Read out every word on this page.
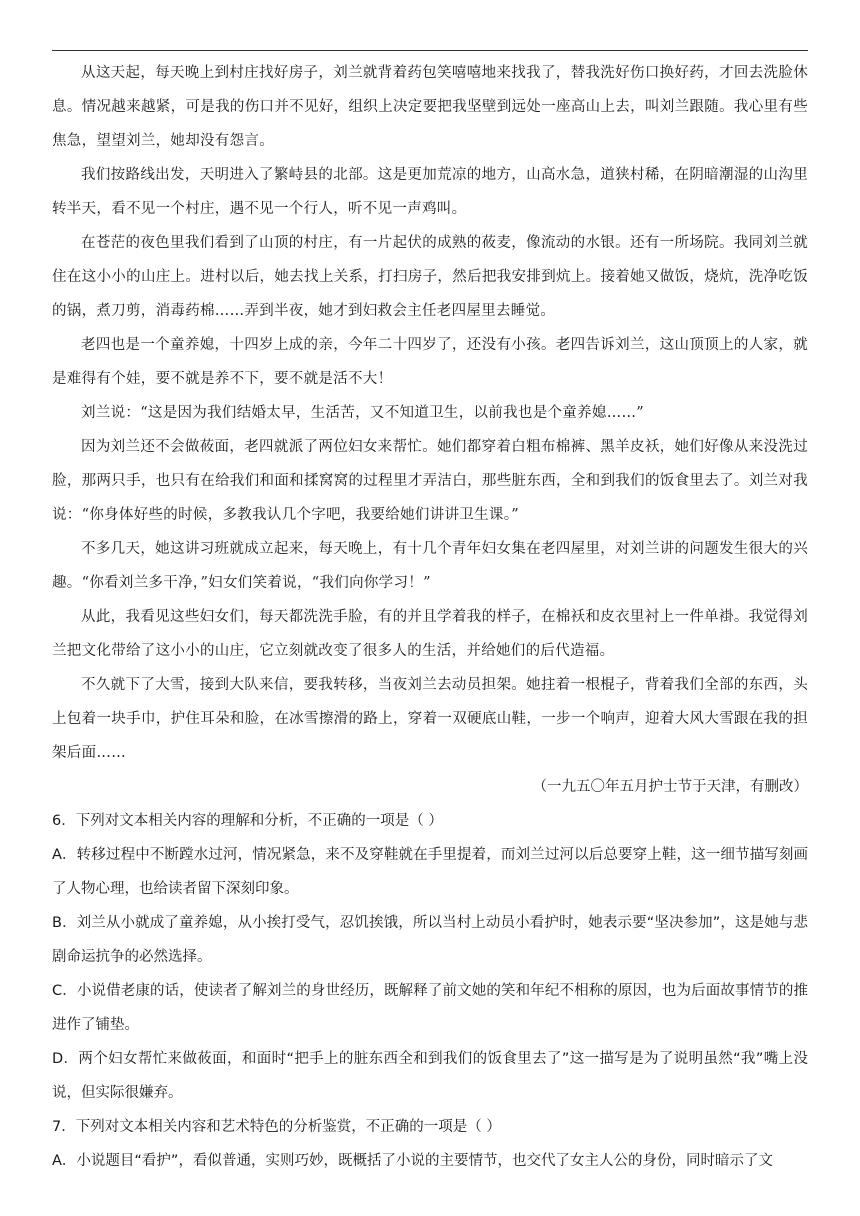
从这天起，每天晚上到村庄找好房子，刘兰就背着药包笑嘻嘻地来找我了，替我洗好伤口换好药，才回去洗脸休息。情况越来越紧，可是我的伤口并不见好，组织上决定要把我坚壁到远处一座高山上去，叫刘兰跟随。我心里有些焦急，望望刘兰，她却没有怨言。

我们按路线出发，天明进入了繁峙县的北部。这是更加荒凉的地方，山高水急，道狭村稀，在阴暗潮湿的山沟里转半天，看不见一个村庄，遇不见一个行人，听不见一声鸡叫。

在苍茫的夜色里我们看到了山顶的村庄，有一片起伏的成熟的莜麦，像流动的水银。还有一所场院。我同刘兰就住在这小小的山庄上。进村以后，她去找上关系，打扫房子，然后把我安排到炕上。接着她又做饭，烧炕，洗净吃饭的锅，煮刀剪，消毒药棉……弄到半夜，她才到妇救会主任老四屋里去睡觉。

老四也是一个童养媳，十四岁上成的亲，今年二十四岁了，还没有小孩。老四告诉刘兰，这山顶顶上的人家，就是难得有个娃，要不就是养不下，要不就是活不大！

刘兰说：“这是因为我们结婚太早，生活苦，又不知道卫生，以前我也是个童养媳……”

因为刘兰还不会做莜面，老四就派了两位妇女来帮忙。她们都穿着白粗布棉裤、黑羊皮袄，她们好像从来没洗过脸，那两只手，也只有在给我们和面和揉窝窝的过程里才弄洁白，那些脏东西，全和到我们的饭食里去了。刘兰对我说：“你身体好些的时候，多教我认几个字吧，我要给她们讲讲卫生课。”

不多几天，她这讲习班就成立起来，每天晚上，有十几个青年妇女集在老四屋里，对刘兰讲的问题发生很大的兴趣。“你看刘兰多干净，”妇女们笑着说，“我们向你学习！”

从此，我看见这些妇女们，每天都洗洗手脸，有的并且学着我的样子，在棉袄和皮衣里衬上一件单褂。我觉得刘兰把文化带给了这小小的山庄，它立刻就改变了很多人的生活，并给她们的后代造福。

不久就下了大雪，接到大队来信，要我转移，当夜刘兰去动员担架。她拄着一根棍子，背着我们全部的东西，头上包着一块手巾，护住耳朵和脸，在冰雪擦滑的路上，穿着一双硬底山鞋，一步一个响声，迎着大风大雪跟在我的担架后面……

（一九五〇年五月护士节于天津，有删改）

6．下列对文本相关内容的理解和分析，不正确的一项是（ ）

A．转移过程中不断蹚水过河，情况紧急，来不及穿鞋就在手里提着，而刘兰过河以后总要穿上鞋，这一细节描写刻画了人物心理，也给读者留下深刻印象。

B．刘兰从小就成了童养媳，从小挨打受气，忍饥挨饿，所以当村上动员小看护时，她表示要“坚决参加”，这是她与悲剧命运抗争的必然选择。

C．小说借老康的话，使读者了解刘兰的身世经历，既解释了前文她的笑和年纪不相称的原因，也为后面故事情节的推进作了铺垫。

D．两个妇女帮忙来做莜面，和面时“把手上的脏东西全和到我们的饭食里去了”这一描写是为了说明虽然“我”嘴上没说，但实际很嫌弃。

7．下列对文本相关内容和艺术特色的分析鉴赏，不正确的一项是（ ）

A．小说题目“看护”，看似普通，实则巧妙，既概括了小说的主要情节，也交代了女主人公的身份，同时暗示了文
